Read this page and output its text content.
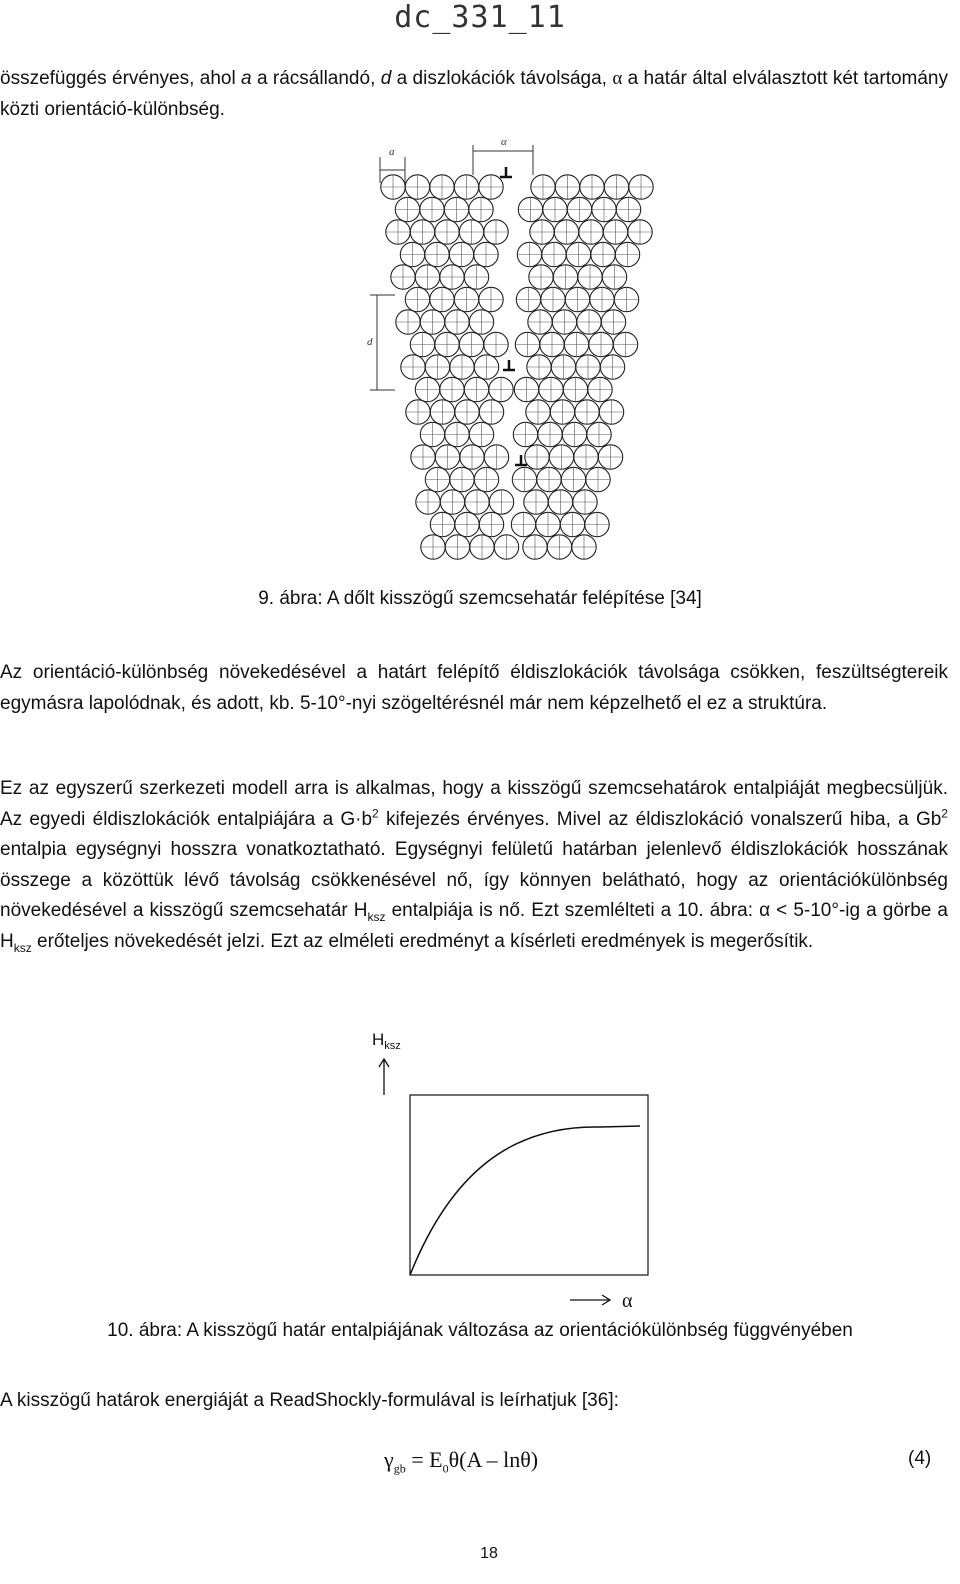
dc_331_11

összefüggés érvényes, ahol a a rácsállandó, d a diszlokációk távolsága, α a határ által elválasztott két tartomány közti orientáció-különbség.

a
α
d
9. ábra: A dőlt kisszögű szemcsehatár felépítése [34]

Az orientáció-különbség növekedésével a határt felépítő éldiszlokációk távolsága csökken, feszültségtereik egymásra lapolódnak, és adott, kb. 5-10°-nyi szögeltérésnél már nem képzelhető el ez a struktúra.

Ez az egyszerű szerkezeti modell arra is alkalmas, hogy a kisszögű szemcsehatárok entalpiáját megbecsüljük. Az egyedi éldiszlokációk entalpiájára a $G\cdot b^2$ kifejezés érvényes. Mivel az éldiszlokáció vonalszerű hiba, a Gb$^2$ entalpia egységnyi hosszra vonatkoztatható. Egységnyi felületű határban jelenlevő éldiszlokációk hosszának összege a közöttük lévő távolság csökkenésével nő, így könnyen belátható, hogy az orientációkülönbség növekedésével a kisszögű szemcsehatár $H_{ksz}$ entalpiája is nő. Ezt szemlélteti a 10. ábra: α < 5-10°-ig a görbe a $H_{ksz}$ erőteljes növekedését jelzi. Ezt az elméleti eredményt a kísérleti eredmények is megerősítik.

$H_{ksz}$
α
10. ábra: A kisszögű határ entalpiájának változása az orientációkülönbség függvényében

A kisszögű határok energiáját a ReadShockly-formulával is leírhatjuk [36]:

$\gamma_{gb} = E_0\theta(A - \ln\theta)$	(4)
18
